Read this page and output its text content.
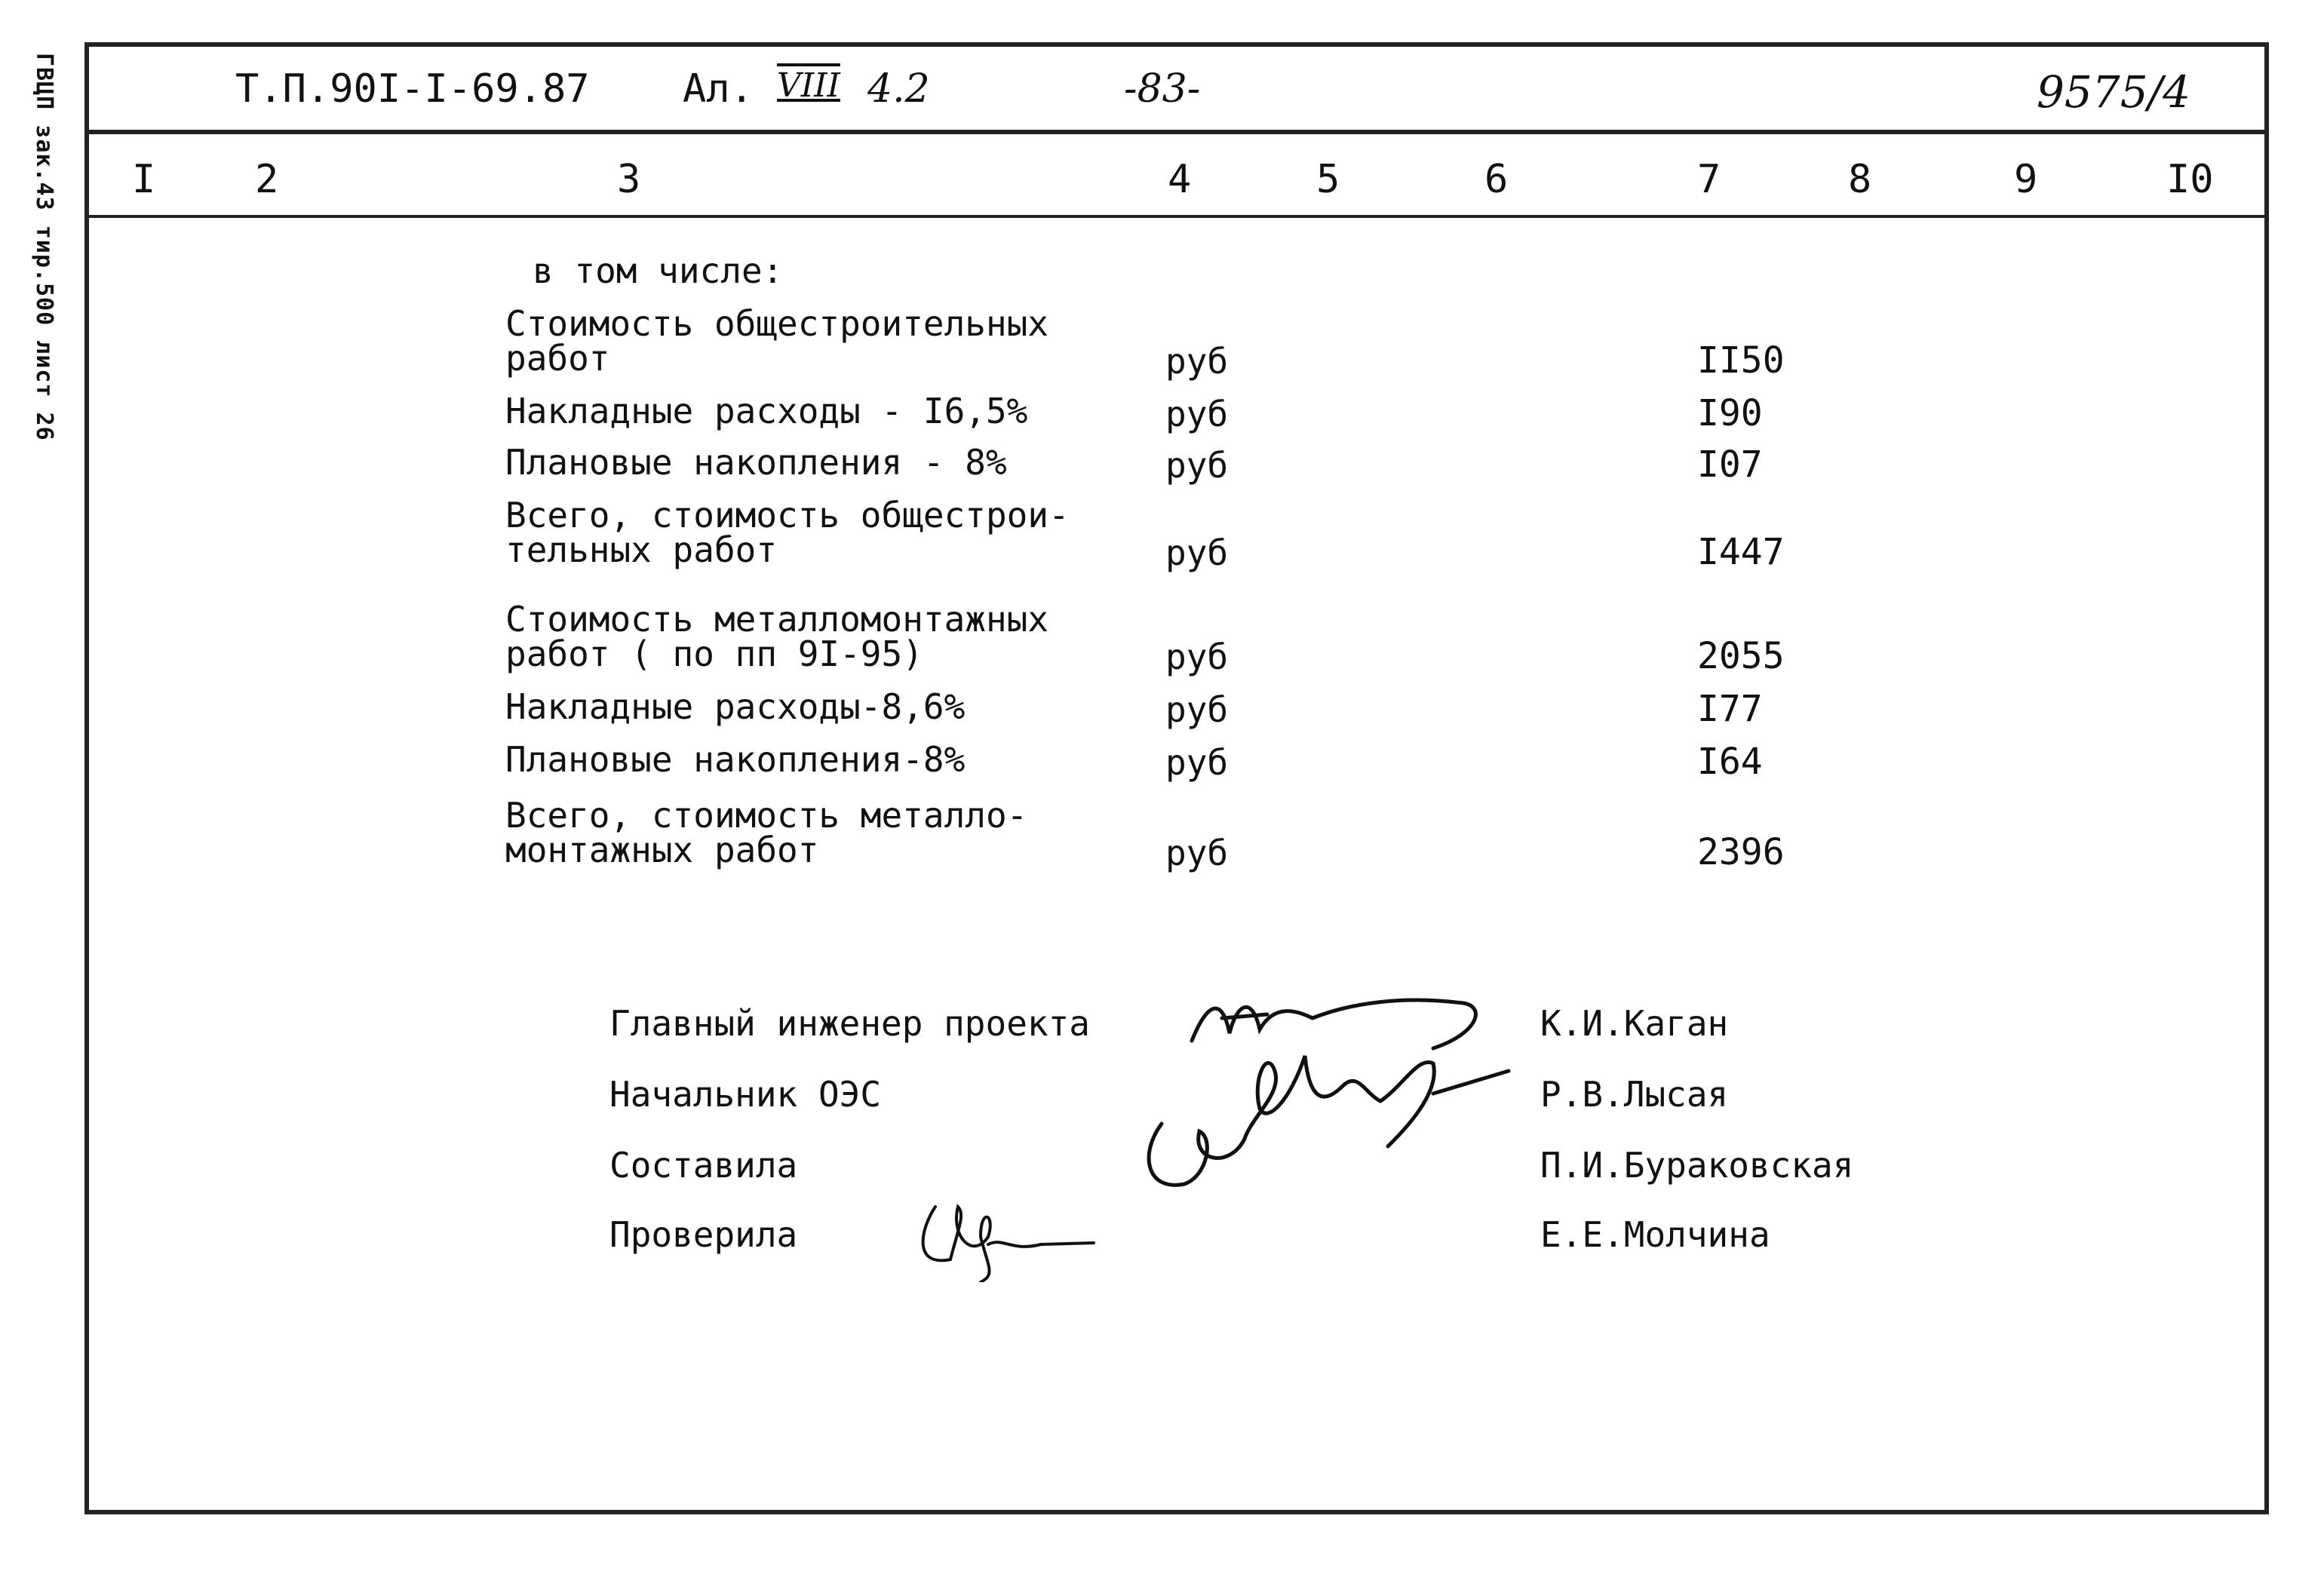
ГВЦП зак.43 тир.500 лист 26	Т.П.90I-I-69.87 Ал. VIII 4.2	-83-	9575/4
I	2	3	4	5	6	7	8	9	I0
в том числе:
Стоимость общестроительных
работ	руб	II50
Накладные расходы - I6,5%	руб	I90
Плановые накопления - 8%	руб	I07
Всего, стоимость общестрои-
тельных работ	руб	I447
Стоимость металломонтажных
работ ( по пп 9I-95)	руб	2055
Накладные расходы-8,6%	руб	I77
Плановые накопления-8%	руб	I64
Всего, стоимость металло-
монтажных работ	руб	2396
Главный инженер проекта	К.И.Каган
Начальник ОЭС	Р.В.Лысая
Составила	П.И.Бураковская
Проверила	Е.Е.Молчина
